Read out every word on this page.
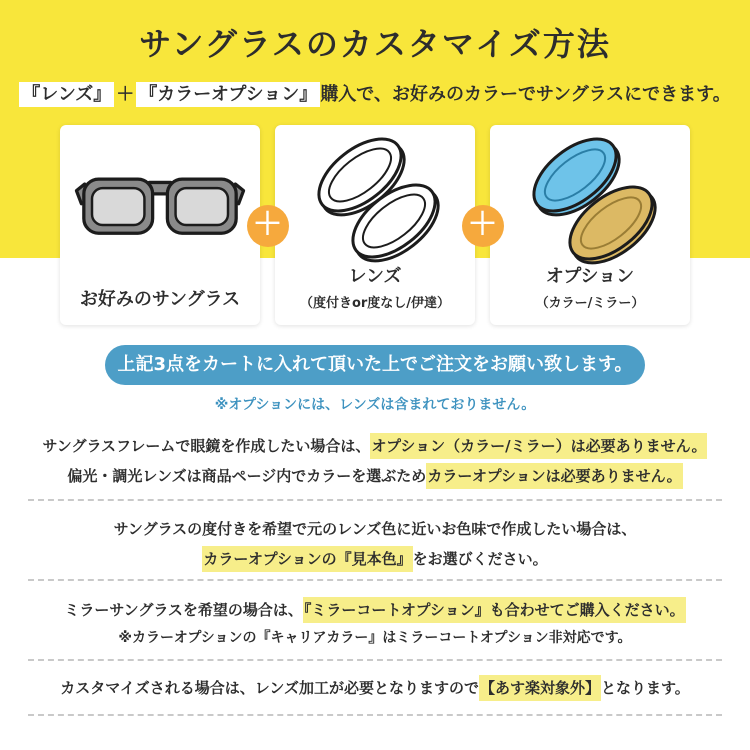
サングラスのカスタマイズ方法
『レンズ』 ＋ 『カラーオプション』 購入で、お好みのカラーでサングラスにできます。
お好みのサングラス
＋
レンズ
（度付きor度なし/伊達）
＋
オプション
（カラー/ミラー）
上記3点をカートに入れて頂いた上でご注文をお願い致します。
※オプションには、レンズは含まれておりません。
サングラスフレームで眼鏡を作成したい場合は、オプション（カラー/ミラー）は必要ありません。
偏光・調光レンズは商品ページ内でカラーを選ぶためカラーオプションは必要ありません。
サングラスの度付きを希望で元のレンズ色に近いお色味で作成したい場合は、
カラーオプションの『見本色』をお選びください。
ミラーサングラスを希望の場合は、『ミラーコートオプション』も合わせてご購入ください。
※カラーオプションの『キャリアカラー』はミラーコートオプション非対応です。
カスタマイズされる場合は、レンズ加工が必要となりますので【あす楽対象外】となります。
